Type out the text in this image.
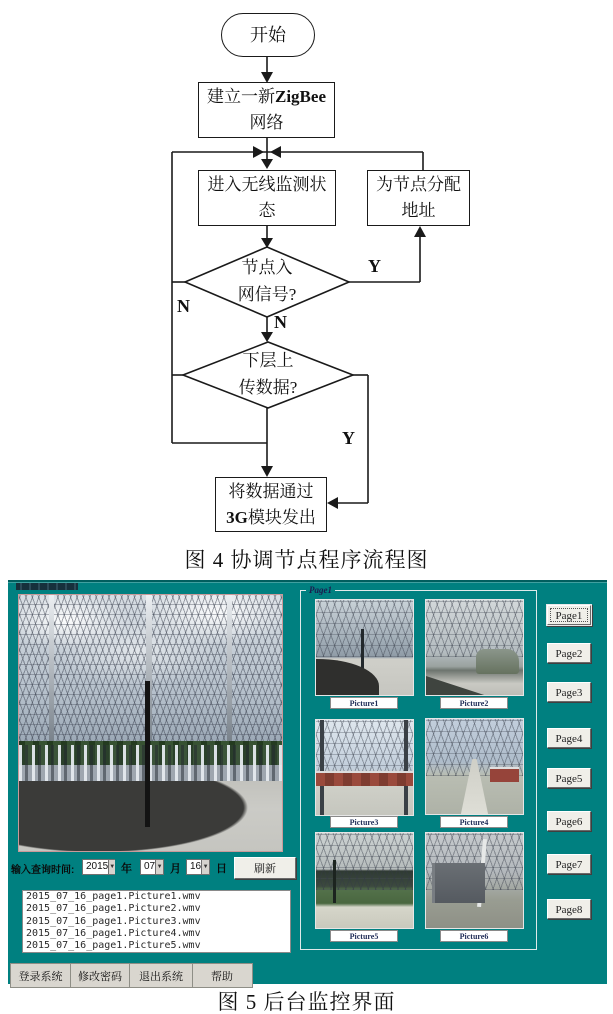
开始
建立一新ZigBee
网络
进入无线监测状态
为节点分配地址
节点入
网信号?
下层上
传数据?
将数据通过
3G模块发出
Y
N
N
Y
图 4 协调节点程序流程图
Page1
Picture1	Picture2
Picture3	Picture4
Picture5	Picture6
Page1
Page2
Page3
Page4
Page5
Page6
Page7
Page8
输入查询时间:	2015 ▼ 年	07 ▼ 月 16 ▼ 日	刷新
2015_07_16_page1.Picture1.wmv
2015_07_16_page1.Picture2.wmv
2015_07_16_page1.Picture3.wmv
2015_07_16_page1.Picture4.wmv
2015_07_16_page1.Picture5.wmv
登录系统	修改密码	退出系统	帮助
图 5 后台监控界面
